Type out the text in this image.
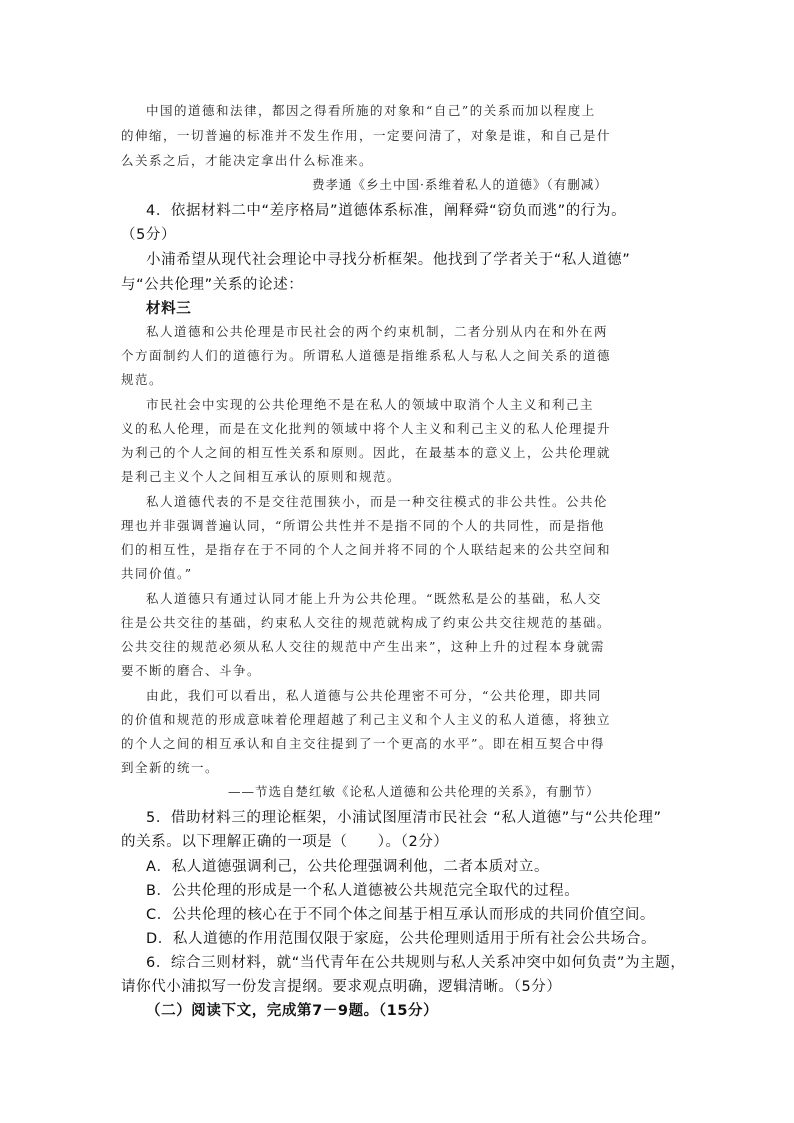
中国的道德和法律，都因之得看所施的对象和“自己”的关系而加以程度上
的伸缩，一切普遍的标准并不发生作用，一定要问清了，对象是谁，和自己是什
么关系之后，才能决定拿出什么标准来。
费孝通《乡土中国·系维着私人的道德》（有删减）
4．依据材料二中“差序格局”道德体系标准，阐释舜“窃负而逃”的行为。
（5分）
小浦希望从现代社会理论中寻找分析框架。他找到了学者关于“私人道德”
与“公共伦理”关系的论述：
材料三
私人道德和公共伦理是市民社会的两个约束机制，二者分别从内在和外在两
个方面制约人们的道德行为。所谓私人道德是指维系私人与私人之间关系的道德
规范。
市民社会中实现的公共伦理绝不是在私人的领域中取消个人主义和利己主
义的私人伦理，而是在文化批判的领域中将个人主义和利己主义的私人伦理提升
为利己的个人之间的相互性关系和原则。因此，在最基本的意义上，公共伦理就
是利己主义个人之间相互承认的原则和规范。
私人道德代表的不是交往范围狭小，而是一种交往模式的非公共性。公共伦
理也并非强调普遍认同，“所谓公共性并不是指不同的个人的共同性，而是指他
们的相互性，是指存在于不同的个人之间并将不同的个人联结起来的公共空间和
共同价值。”
私人道德只有通过认同才能上升为公共伦理。“既然私是公的基础，私人交
往是公共交往的基础，约束私人交往的规范就构成了约束公共交往规范的基础。
公共交往的规范必须从私人交往的规范中产生出来”，这种上升的过程本身就需
要不断的磨合、斗争。
由此，我们可以看出，私人道德与公共伦理密不可分，“公共伦理，即共同
的价值和规范的形成意味着伦理超越了利己主义和个人主义的私人道德，将独立
的个人之间的相互承认和自主交往提到了一个更高的水平”。即在相互契合中得
到全新的统一。
——节选自楚红敏《论私人道德和公共伦理的关系》，有删节）
5．借助材料三的理论框架，小浦试图厘清市民社会 “私人道德”与“公共伦理”
的关系。以下理解正确的一项是（　　）。（2分）
A．私人道德强调利己，公共伦理强调利他，二者本质对立。
B．公共伦理的形成是一个私人道德被公共规范完全取代的过程。
C．公共伦理的核心在于不同个体之间基于相互承认而形成的共同价值空间。
D．私人道德的作用范围仅限于家庭，公共伦理则适用于所有社会公共场合。
6．综合三则材料，就“当代青年在公共规则与私人关系冲突中如何负责”为主题，
请你代小浦拟写一份发言提纲。要求观点明确，逻辑清晰。（5分）
（二）阅读下文，完成第7－9题。（15分）
